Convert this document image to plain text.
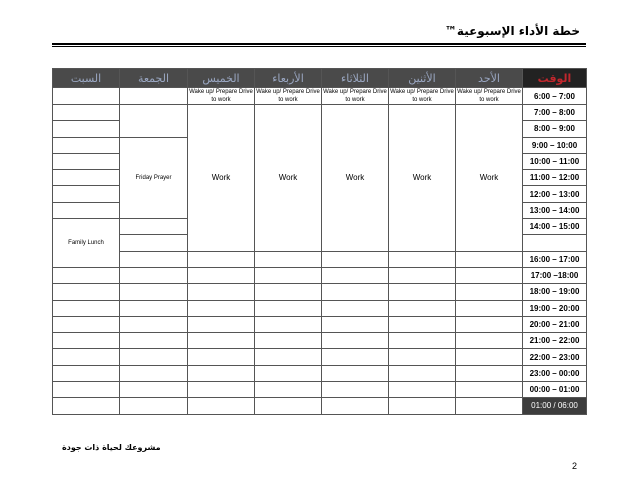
خطة الأداء الإسبوعية™
السبت	الجمعة	الخميس	الأربعاء	الثلاثاء	الأثنين	الأحد	الوقت	
		Wake up/ Prepare Drive to work	Wake up/ Prepare Drive to work	Wake up/ Prepare Drive to work	Wake up/ Prepare Drive to work	Wake up/ Prepare Drive to work	6:00 – 7:00	
		Work	Work	Work	Work	Work	7:00 – 8:00	
							8:00 – 9:00	
	Friday Prayer						9:00 – 10:00	
							10:00 – 11:00	
							11:00 – 12:00	
							12:00 – 13:00	
							13:00 – 14:00	
Family Lunch							14:00 – 15:00	

							16:00 – 17:00	
							17:00 –18:00	
							18:00 – 19:00	
							19:00 – 20:00	
							20:00 – 21:00	
							21:00 – 22:00	
							22:00 – 23:00	
							23:00 – 00:00	
							00:00 – 01:00	
							01:00 / 06:00	
مشروعك لحياة ذات جودة
2
